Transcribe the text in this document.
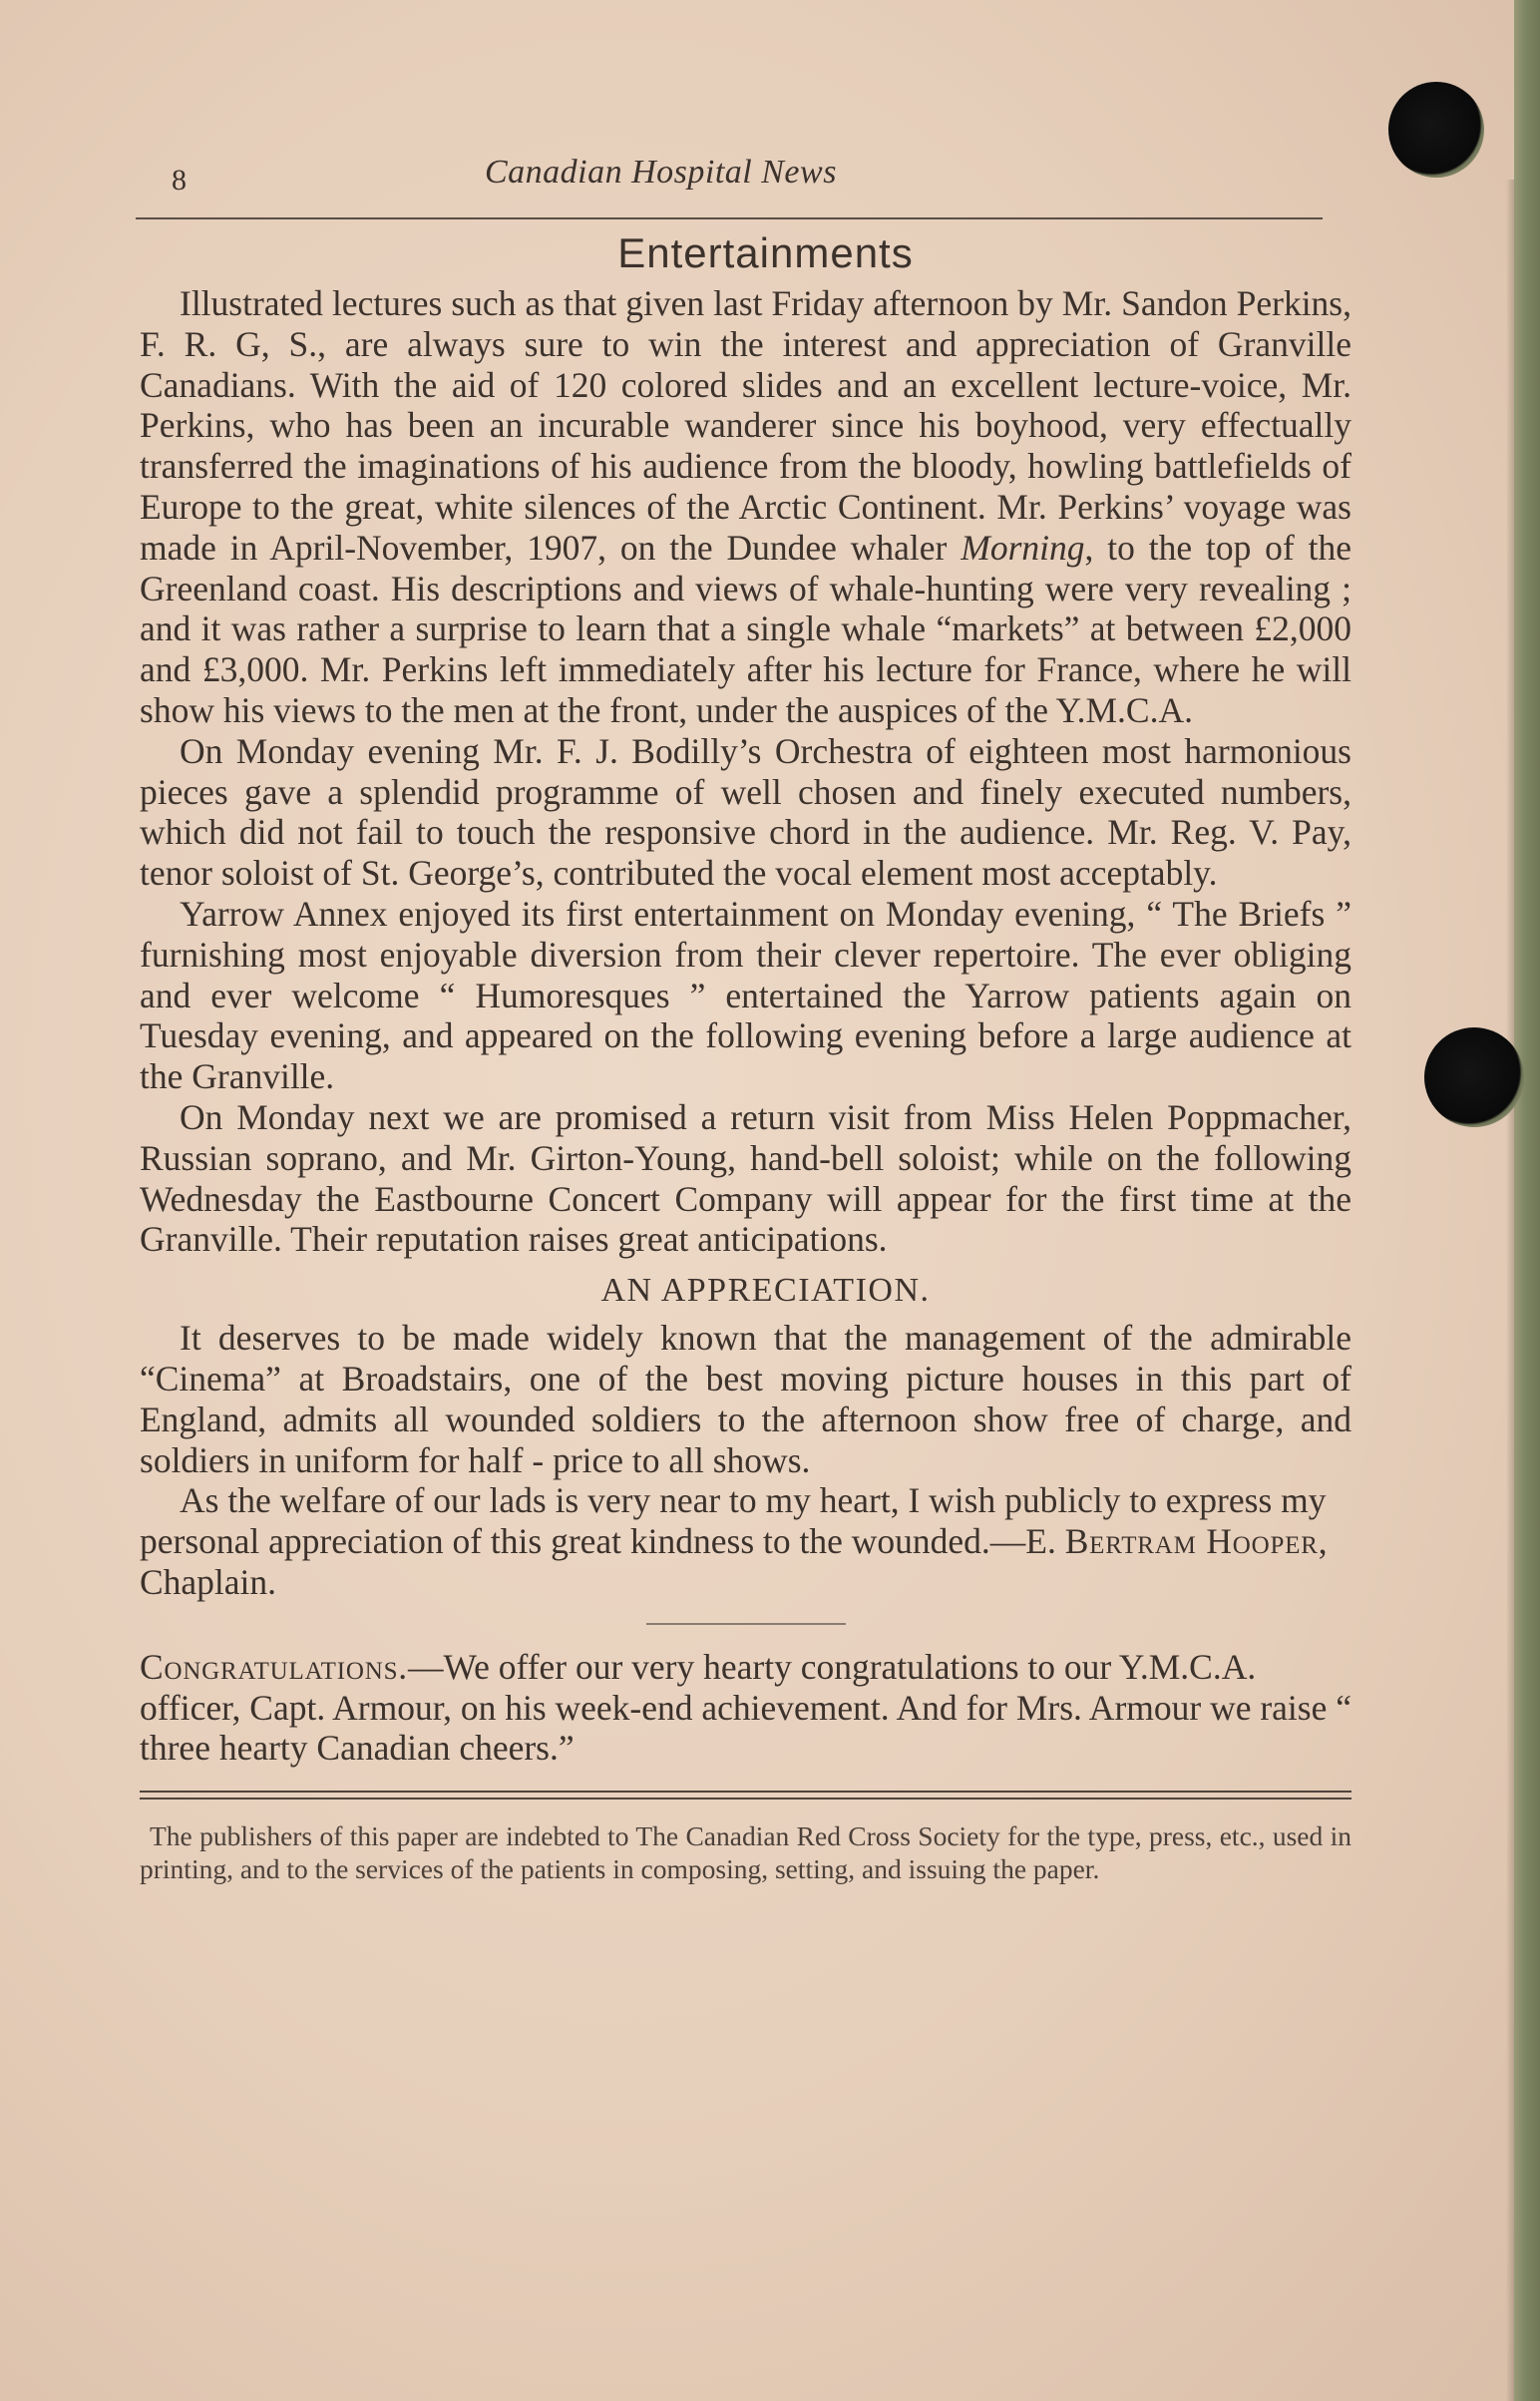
8	Canadian Hospital News
Entertainments

Illustrated lectures such as that given last Friday afternoon by Mr. Sandon Perkins, F. R. G, S., are always sure to win the interest and appreciation of Granville Canadians. With the aid of 120 colored slides and an excellent lecture-voice, Mr. Perkins, who has been an incurable wanderer since his boyhood, very effectually transferred the imaginations of his audience from the bloody, howling battlefields of Europe to the great, white silences of the Arctic Continent. Mr. Perkins’ voyage was made in April-November, 1907, on the Dundee whaler Morning, to the top of the Greenland coast. His descriptions and views of whale-hunting were very revealing ; and it was rather a surprise to learn that a single whale “markets” at between £2,000 and £3,000. Mr. Perkins left immediately after his lecture for France, where he will show his views to the men at the front, under the auspices of the Y.M.C.A.

On Monday evening Mr. F. J. Bodilly’s Orchestra of eighteen most harmonious pieces gave a splendid programme of well chosen and finely executed numbers, which did not fail to touch the responsive chord in the audience. Mr. Reg. V. Pay, tenor soloist of St. George’s, contributed the vocal element most acceptably.

Yarrow Annex enjoyed its first entertainment on Monday evening, “ The Briefs ” furnishing most enjoyable diversion from their clever repertoire. The ever obliging and ever welcome “ Humoresques ” entertained the Yarrow patients again on Tuesday evening, and appeared on the following evening before a large audience at the Granville.

On Monday next we are promised a return visit from Miss Helen Poppmacher, Russian soprano, and Mr. Girton-Young, hand-bell soloist; while on the following Wednesday the Eastbourne Concert Company will appear for the first time at the Granville. Their reputation raises great anticipations.

AN APPRECIATION.

It deserves to be made widely known that the management of the admirable “Cinema” at Broadstairs, one of the best moving picture houses in this part of England, admits all wounded soldiers to the afternoon show free of charge, and soldiers in uniform for half - price to all shows.

As the welfare of our lads is very near to my heart, I wish publicly to express my personal appreciation of this great kindness to the wounded.—E. Bertram Hooper, Chaplain.

Congratulations.—We offer our very hearty congratulations to our Y.M.C.A. officer, Capt. Armour, on his week-end achievement. And for Mrs. Armour we raise “ three hearty Canadian cheers.”

The publishers of this paper are indebted to The Canadian Red Cross Society for the type, press, etc., used in printing, and to the services of the patients in composing, setting, and issuing the paper.
